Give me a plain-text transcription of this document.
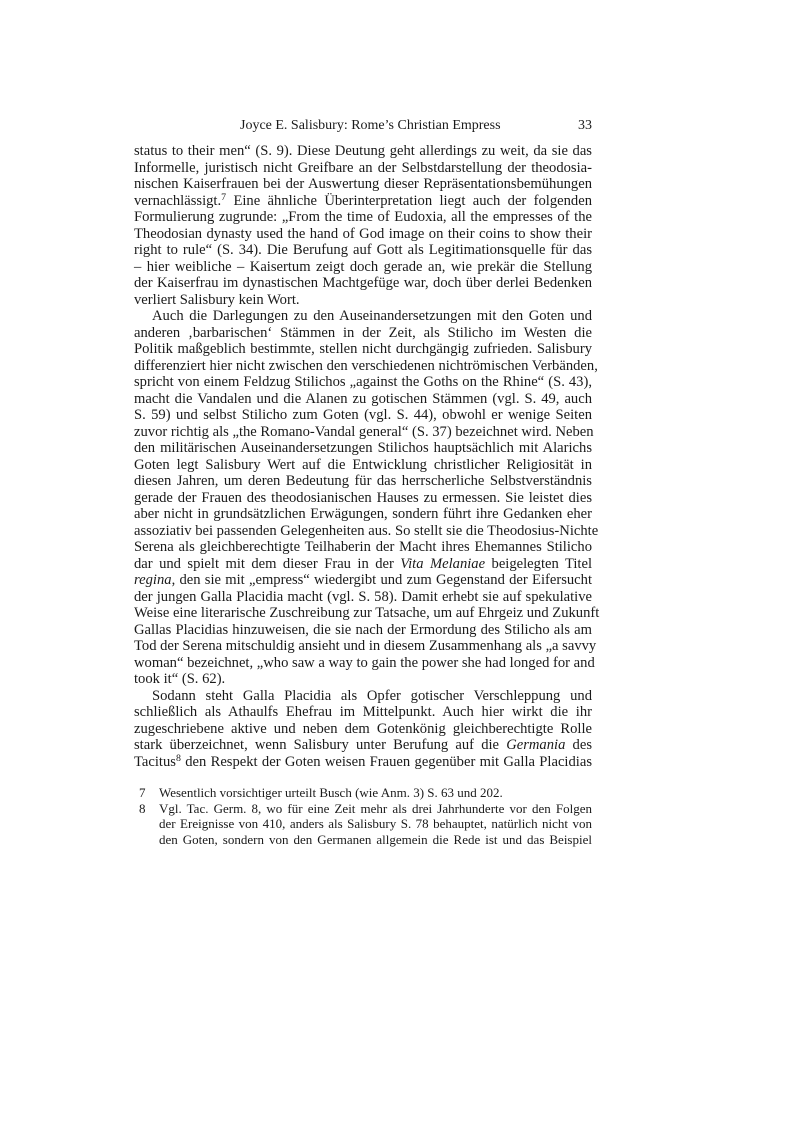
Joyce E. Salisbury: Rome’s Christian Empress	33
status to their men“ (S. 9). Diese Deutung geht allerdings zu weit, da sie das
Informelle, juristisch nicht Greifbare an der Selbstdarstellung der theodosia-
nischen Kaiserfrauen bei der Auswertung dieser Repräsentationsbemühungen
vernachlässigt.$^7$ Eine ähnliche Überinterpretation liegt auch der folgenden
Formulierung zugrunde: „From the time of Eudoxia, all the empresses of the
Theodosian dynasty used the hand of God image on their coins to show their
right to rule“ (S. 34). Die Berufung auf Gott als Legitimationsquelle für das
– hier weibliche – Kaisertum zeigt doch gerade an, wie prekär die Stellung
der Kaiserfrau im dynastischen Machtgefüge war, doch über derlei Bedenken
verliert Salisbury kein Wort.
Auch die Darlegungen zu den Auseinandersetzungen mit den Goten und
anderen ‚barbarischen‘ Stämmen in der Zeit, als Stilicho im Westen die
Politik maßgeblich bestimmte, stellen nicht durchgängig zufrieden. Salisbury
differenziert hier nicht zwischen den verschiedenen nichtrömischen Verbänden,
spricht von einem Feldzug Stilichos „against the Goths on the Rhine“ (S. 43),
macht die Vandalen und die Alanen zu gotischen Stämmen (vgl. S. 49, auch
S. 59) und selbst Stilicho zum Goten (vgl. S. 44), obwohl er wenige Seiten
zuvor richtig als „the Romano-Vandal general“ (S. 37) bezeichnet wird. Neben
den militärischen Auseinandersetzungen Stilichos hauptsächlich mit Alarichs
Goten legt Salisbury Wert auf die Entwicklung christlicher Religiosität in
diesen Jahren, um deren Bedeutung für das herrscherliche Selbstverständnis
gerade der Frauen des theodosianischen Hauses zu ermessen. Sie leistet dies
aber nicht in grundsätzlichen Erwägungen, sondern führt ihre Gedanken eher
assoziativ bei passenden Gelegenheiten aus. So stellt sie die Theodosius-Nichte
Serena als gleichberechtigte Teilhaberin der Macht ihres Ehemannes Stilicho
dar und spielt mit dem dieser Frau in der Vita Melaniae beigelegten Titel
regina, den sie mit „empress“ wiedergibt und zum Gegenstand der Eifersucht
der jungen Galla Placidia macht (vgl. S. 58). Damit erhebt sie auf spekulative
Weise eine literarische Zuschreibung zur Tatsache, um auf Ehrgeiz und Zukunft
Gallas Placidias hinzuweisen, die sie nach der Ermordung des Stilicho als am
Tod der Serena mitschuldig ansieht und in diesem Zusammenhang als „a savvy
woman“ bezeichnet, „who saw a way to gain the power she had longed for and
took it“ (S. 62).
Sodann steht Galla Placidia als Opfer gotischer Verschleppung und
schließlich als Athaulfs Ehefrau im Mittelpunkt. Auch hier wirkt die ihr
zugeschriebene aktive und neben dem Gotenkönig gleichberechtigte Rolle
stark überzeichnet, wenn Salisbury unter Berufung auf die Germania des
Tacitus$^8$ den Respekt der Goten weisen Frauen gegenüber mit Galla Placidias
7 Wesentlich vorsichtiger urteilt Busch (wie Anm. 3) S. 63 und 202.
8 Vgl. Tac. Germ. 8, wo für eine Zeit mehr als drei Jahrhunderte vor den Folgen
der Ereignisse von 410, anders als Salisbury S. 78 behauptet, natürlich nicht von
den Goten, sondern von den Germanen allgemein die Rede ist und das Beispiel
